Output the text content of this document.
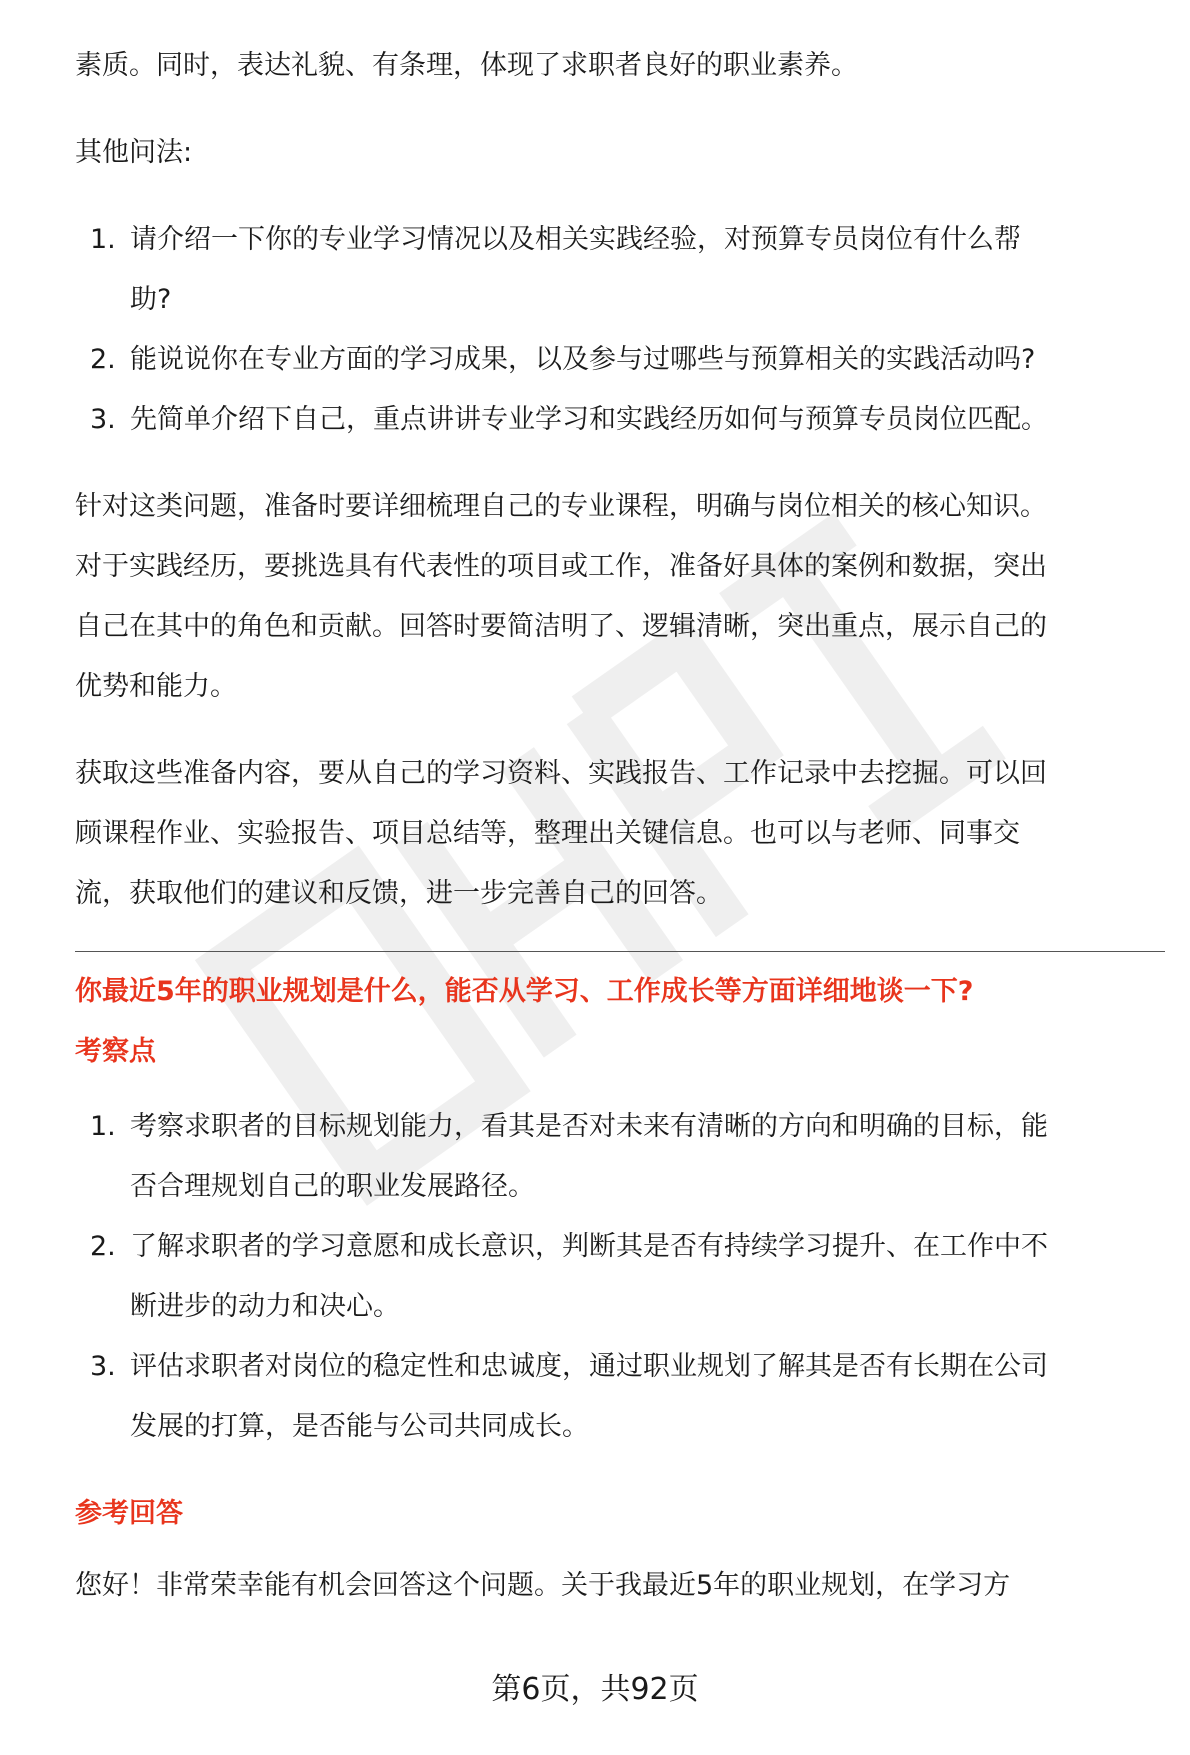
素质。同时，表达礼貌、有条理，体现了求职者良好的职业素养。

其他问法:

1. 请介绍一下你的专业学习情况以及相关实践经验，对预算专员岗位有什么帮
助?
2. 能说说你在专业方面的学习成果，以及参与过哪些与预算相关的实践活动吗?
3. 先简单介绍下自己，重点讲讲专业学习和实践经历如何与预算专员岗位匹配。

针对这类问题，准备时要详细梳理自己的专业课程，明确与岗位相关的核心知识。
对于实践经历，要挑选具有代表性的项目或工作，准备好具体的案例和数据，突出
自己在其中的角色和贡献。回答时要简洁明了、逻辑清晰，突出重点，展示自己的
优势和能力。

获取这些准备内容，要从自己的学习资料、实践报告、工作记录中去挖掘。可以回
顾课程作业、实验报告、项目总结等，整理出关键信息。也可以与老师、同事交
流，获取他们的建议和反馈，进一步完善自己的回答。

你最近5年的职业规划是什么，能否从学习、工作成长等方面详细地谈一下?

考察点

1. 考察求职者的目标规划能力，看其是否对未来有清晰的方向和明确的目标，能
否合理规划自己的职业发展路径。
2. 了解求职者的学习意愿和成长意识，判断其是否有持续学习提升、在工作中不
断进步的动力和决心。
3. 评估求职者对岗位的稳定性和忠诚度，通过职业规划了解其是否有长期在公司
发展的打算，是否能与公司共同成长。

参考回答

您好！非常荣幸能有机会回答这个问题。关于我最近5年的职业规划，在学习方

第6页，共92页
